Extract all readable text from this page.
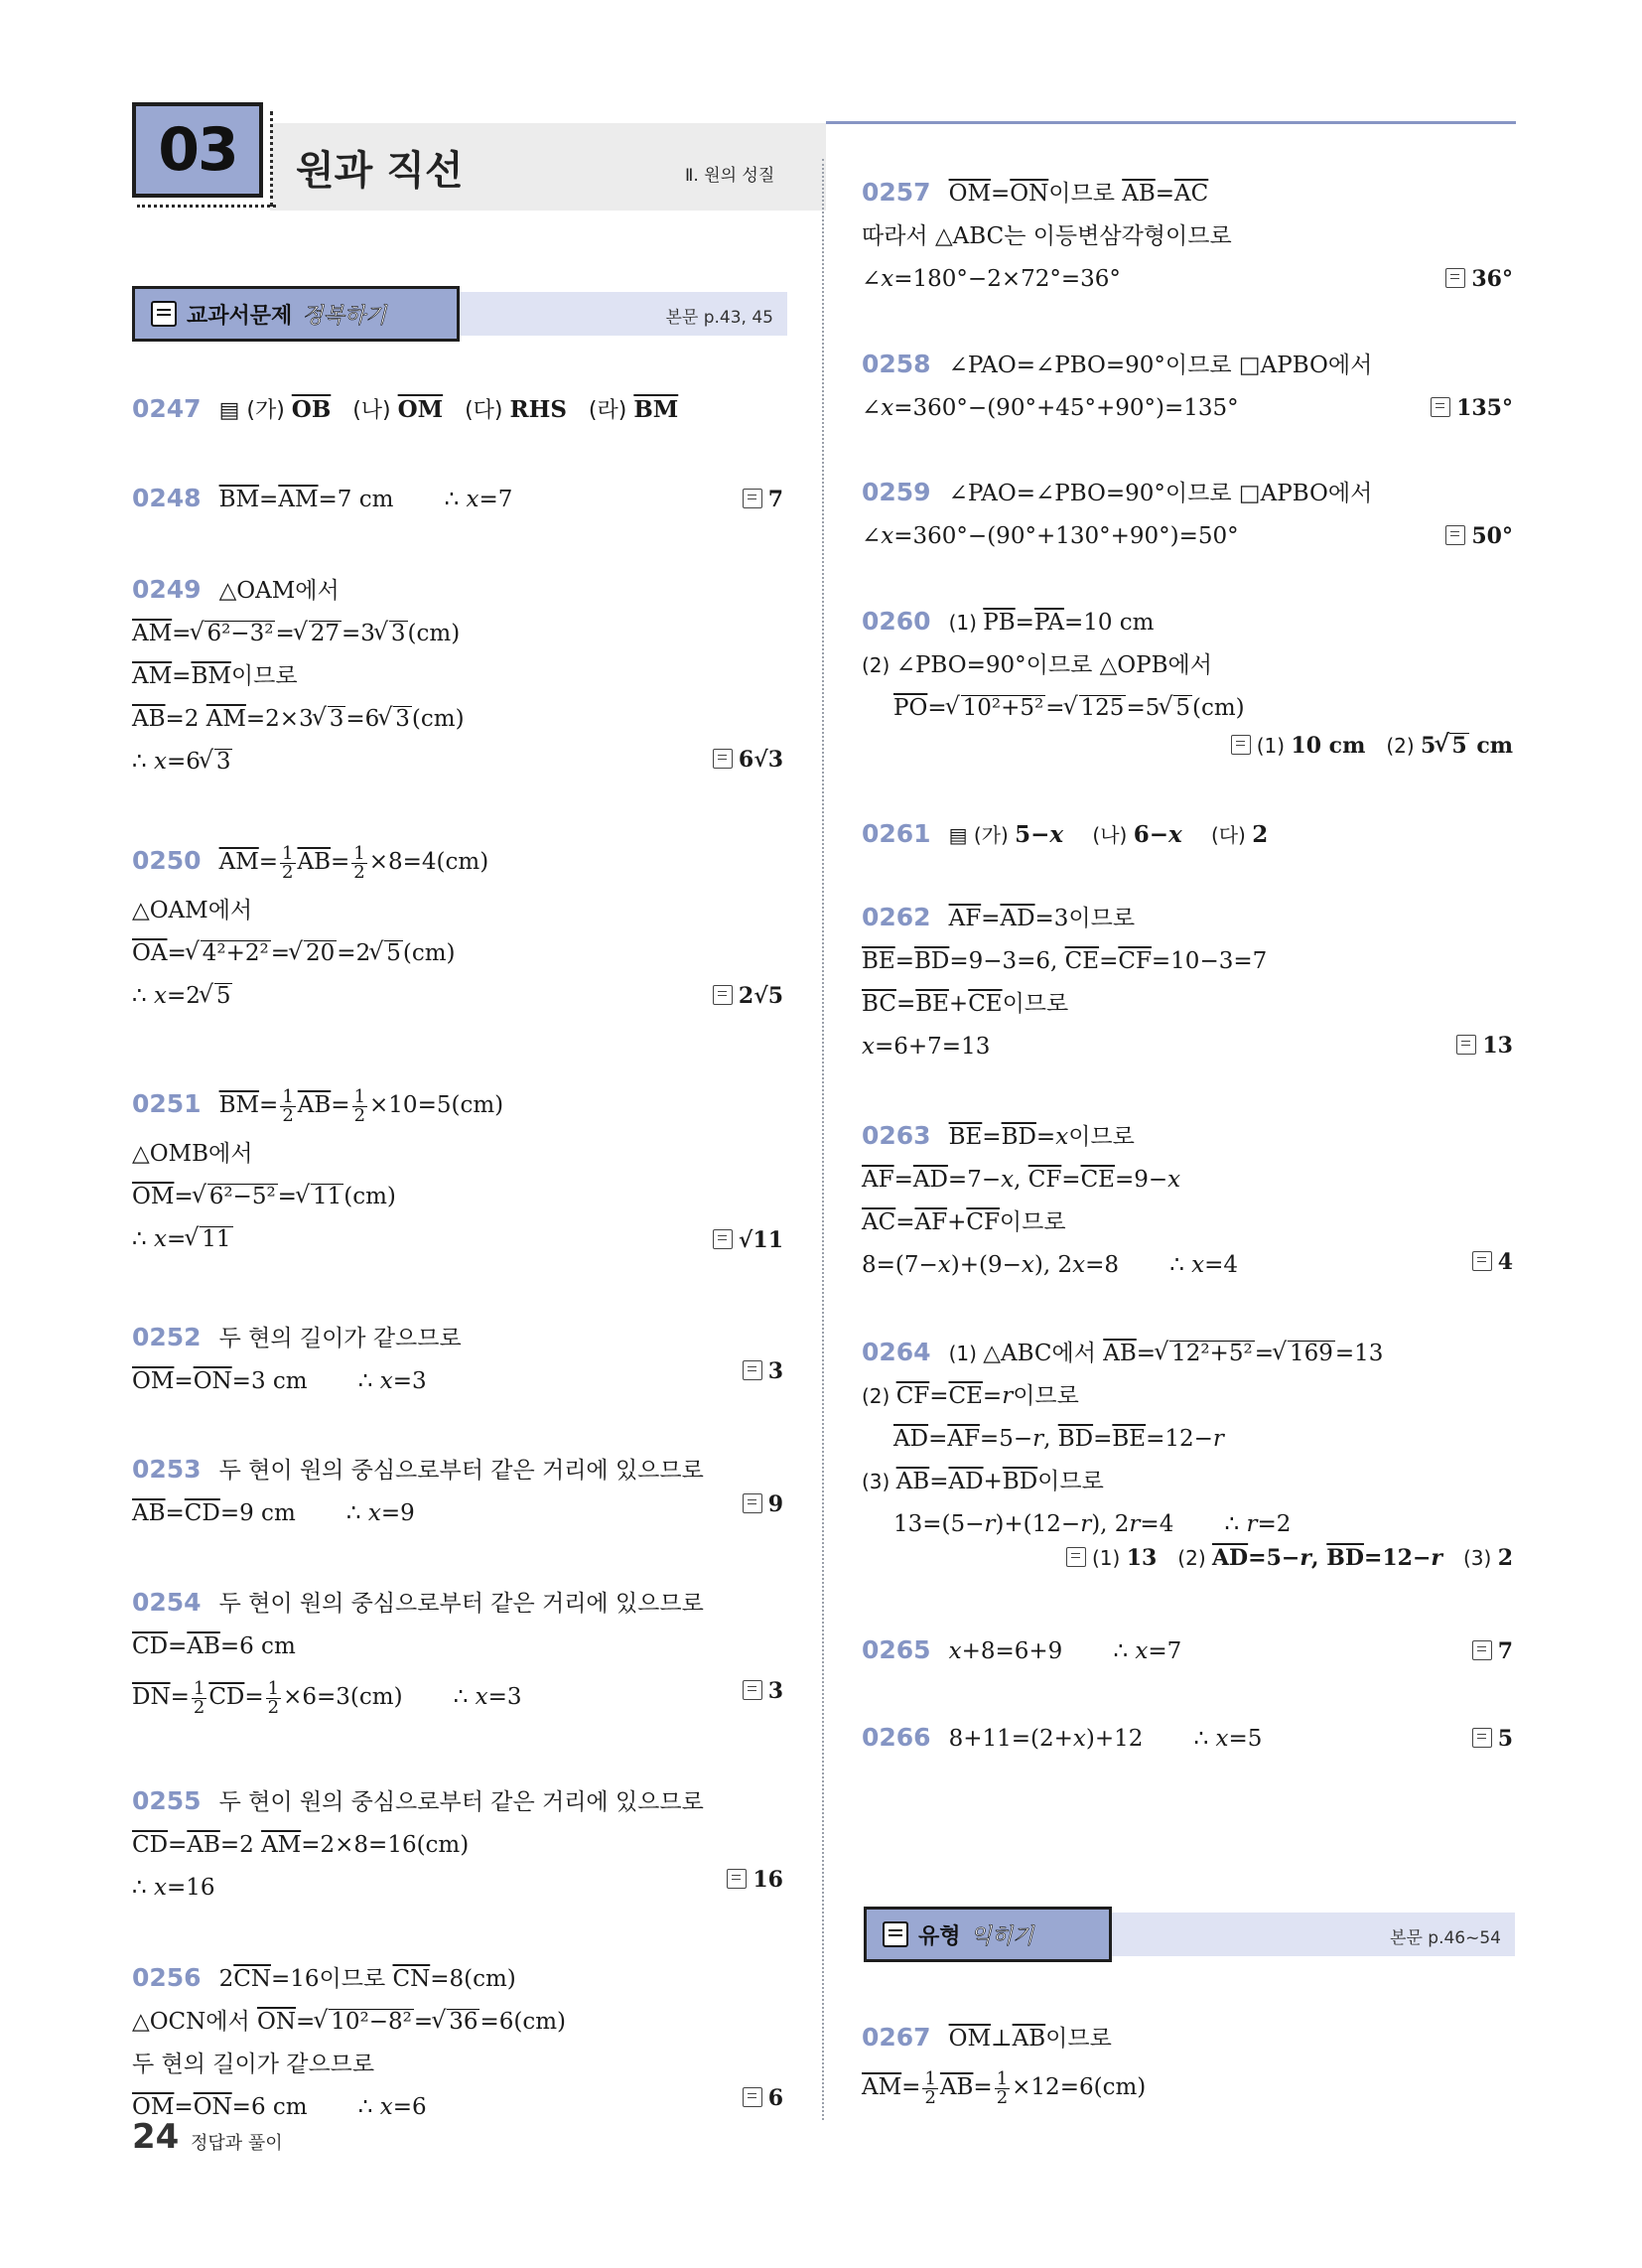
03 원과 직선	Ⅱ. 원의 성질
교과서문제 정복하기	본문 p.43, 45
0247 ▤ (가) $\overline{OB}$ (나) $\overline{OM}$ (다) RHS (라) $\overline{BM}$
0248 $\overline{BM}=\overline{AM}=7$ cm       ∴ x=7	7
0249 △OAM에서
$\overline{AM}=$ √ 6²−3²= √ 27=3 √ 3(cm)
$\overline{AM}=\overline{BM}$이므로
$\overline{AB}=2$ $\overline{AM}=2\times 3$ √ 3=6 √ 3(cm)
∴ x=6 √ 3	6√3
0250 $\overline{AM}= \frac{1}{2} \overline{AB}= \frac{1}{2} \times 8=4(cm)$
△OAM에서
$\overline{OA}=$ √ 4²+2²= √ 20=2 √ 5(cm)
∴ x=2 √ 5	2√5
0251 $\overline{BM}= \frac{1}{2} \overline{AB}= \frac{1}{2} \times 10=5(cm)$
△OMB에서
$\overline{OM}=$ √ 6²−5²= √ 11(cm)
∴ x= √ 11	√11
0252 두 현의 길이가 같으므로
$\overline{OM}=\overline{ON}=3$ cm       ∴ x=3	3
0253 두 현이 원의 중심으로부터 같은 거리에 있으므로
$\overline{AB}=\overline{CD}=9$ cm       ∴ x=9	9
0254 두 현이 원의 중심으로부터 같은 거리에 있으므로
$\overline{CD}=\overline{AB}=6$ cm
$\overline{DN}= \frac{1}{2} \overline{CD}= \frac{1}{2} \times 6=3(cm)$       ∴ x=3	3
0255 두 현이 원의 중심으로부터 같은 거리에 있으므로
$\overline{CD}=\overline{AB}=2$ $\overline{AM}=2\times 8=16(cm)$
∴ x=16	16
0256 $2\overline{CN}=16$이므로 $\overline{CN}=8(cm)$
△OCN에서 $\overline{ON}=$ √ 10²−8²= √ 36=6(cm)
두 현의 길이가 같으므로
$\overline{OM}=\overline{ON}=6$ cm       ∴ x=6	6
0257 $\overline{OM}=\overline{ON}$이므로 $\overline{AB}=\overline{AC}$
따라서 △ABC는 이등변삼각형이므로
∠x=180°−2×72°=36°	36°
0258 ∠PAO=∠PBO=90°이므로 □APBO에서
∠x=360°−(90°+45°+90°)=135°	135°
0259 ∠PAO=∠PBO=90°이므로 □APBO에서
∠x=360°−(90°+130°+90°)=50°	50°
0260 (1) $\overline{PB}=\overline{PA}=10$ cm
(2) ∠PBO=90°이므로 △OPB에서
$\overline{PO}=$ √ 10²+5²= √ 125=5 √ 5(cm)
(1) 10 cm (2) 5 √ 5 cm
0261 ▤ (가) 5−x (나) 6−x (다) 2
0262 $\overline{AF}=\overline{AD}=3$이므로
$\overline{BE}=\overline{BD}=9-3=6$, $\overline{CE}=\overline{CF}=10-3=7$
$\overline{BC}=\overline{BE}+\overline{CE}$이므로
x=6+7=13	13
0263 $\overline{BE}=\overline{BD}=x$이므로
$\overline{AF}=\overline{AD}=7-x$, $\overline{CF}=\overline{CE}=9-x$
$\overline{AC}=\overline{AF}+\overline{CF}$이므로
8=(7−x)+(9−x), 2x=8       ∴ x=4	4
0264 (1) △ABC에서 $\overline{AB}=$ √ 12²+5²= √ 169=13
(2) $\overline{CF}=\overline{CE}=r$이므로
$\overline{AD}=\overline{AF}=5-r$, $\overline{BD}=\overline{BE}=12-r$
(3) $\overline{AB}=\overline{AD}+\overline{BD}$이므로
13=(5−r)+(12−r), 2r=4       ∴ r=2
(1) 13 (2) $\overline{AD}=5-r$, $\overline{BD}=12-r$ (3) 2
0265 x+8=6+9       ∴ x=7	7
0266 8+11=(2+x)+12       ∴ x=5	5
유형 익히기	본문 p.46~54
0267 $\overline{OM}\perp\overline{AB}$이므로
$\overline{AM}= \frac{1}{2} \overline{AB}= \frac{1}{2} \times 12=6(cm)$
24 정답과 풀이
